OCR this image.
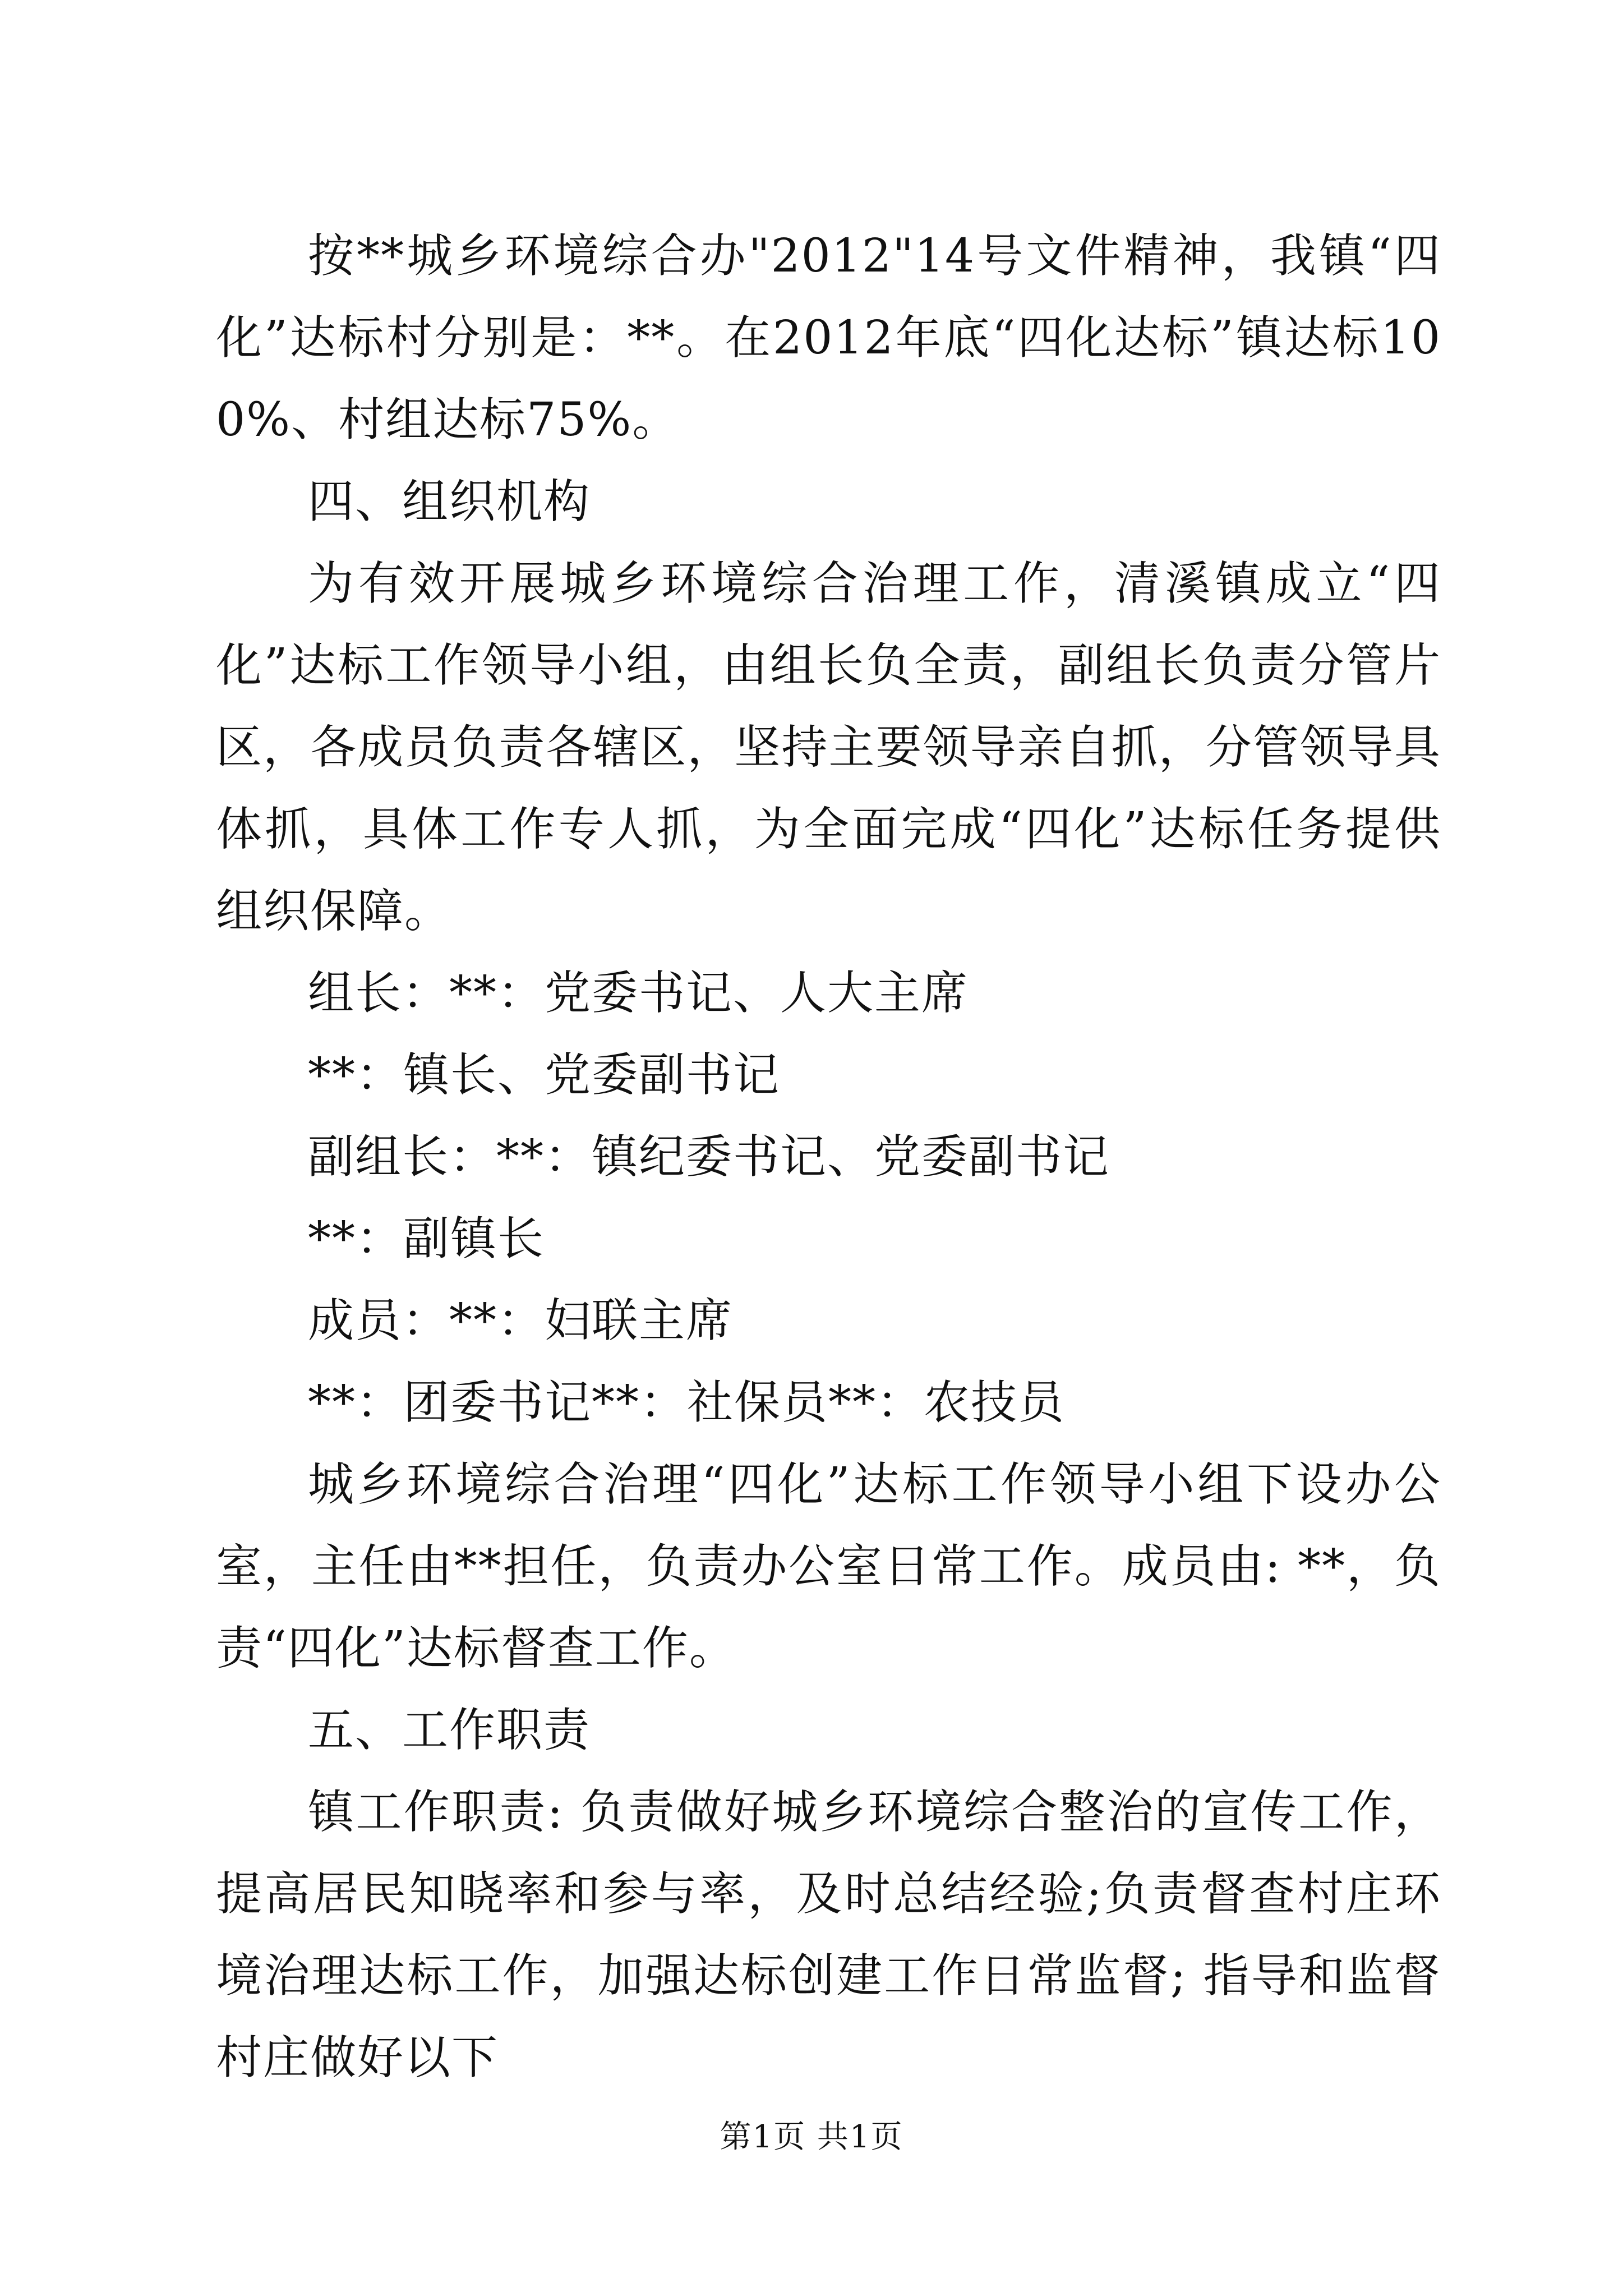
按**城乡环境综合办"2012"14号文件精神，我镇“四化”达标村分别是：**。在2012年底“四化达标”镇达标100%、村组达标75%。

四、组织机构

为有效开展城乡环境综合治理工作，清溪镇成立“四化”达标工作领导小组，由组长负全责，副组长负责分管片区，各成员负责各辖区，坚持主要领导亲自抓，分管领导具体抓，具体工作专人抓，为全面完成“四化”达标任务提供组织保障。

组长：**：党委书记、人大主席

**：镇长、党委副书记

副组长：**：镇纪委书记、党委副书记

**：副镇长

成员：**：妇联主席

**：团委书记**：社保员**：农技员

城乡环境综合治理“四化”达标工作领导小组下设办公室，主任由**担任，负责办公室日常工作。成员由: **，负责“四化”达标督查工作。

五、工作职责

镇工作职责: 负责做好城乡环境综合整治的宣传工作，提高居民知晓率和参与率，及时总结经验;负责督查村庄环境治理达标工作，加强达标创建工作日常监督; 指导和监督村庄做好以下

第1页 共1页
